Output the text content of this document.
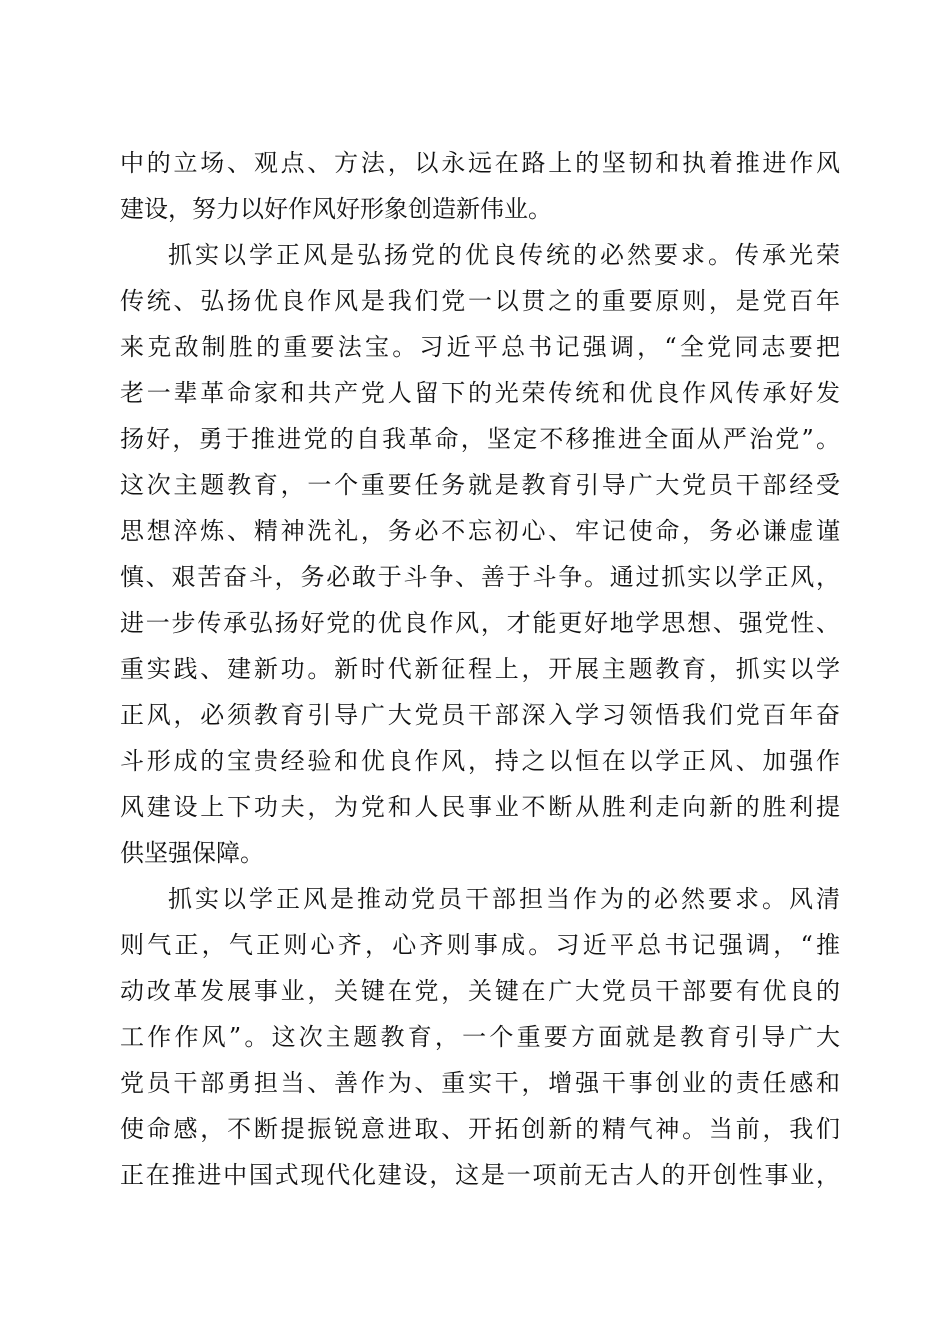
中的立场、观点、方法，以永远在路上的坚韧和执着推进作风
建设，努力以好作风好形象创造新伟业。
抓实以学正风是弘扬党的优良传统的必然要求。传承光荣
传统、弘扬优良作风是我们党一以贯之的重要原则，是党百年
来克敌制胜的重要法宝。习近平总书记强调，“全党同志要把
老一辈革命家和共产党人留下的光荣传统和优良作风传承好发
扬好，勇于推进党的自我革命，坚定不移推进全面从严治党”。
这次主题教育，一个重要任务就是教育引导广大党员干部经受
思想淬炼、精神洗礼，务必不忘初心、牢记使命，务必谦虚谨
慎、艰苦奋斗，务必敢于斗争、善于斗争。通过抓实以学正风，
进一步传承弘扬好党的优良作风，才能更好地学思想、强党性、
重实践、建新功。新时代新征程上，开展主题教育，抓实以学
正风，必须教育引导广大党员干部深入学习领悟我们党百年奋
斗形成的宝贵经验和优良作风，持之以恒在以学正风、加强作
风建设上下功夫，为党和人民事业不断从胜利走向新的胜利提
供坚强保障。
抓实以学正风是推动党员干部担当作为的必然要求。风清
则气正，气正则心齐，心齐则事成。习近平总书记强调，“推
动改革发展事业，关键在党，关键在广大党员干部要有优良的
工作作风”。这次主题教育，一个重要方面就是教育引导广大
党员干部勇担当、善作为、重实干，增强干事创业的责任感和
使命感，不断提振锐意进取、开拓创新的精气神。当前，我们
正在推进中国式现代化建设，这是一项前无古人的开创性事业，
